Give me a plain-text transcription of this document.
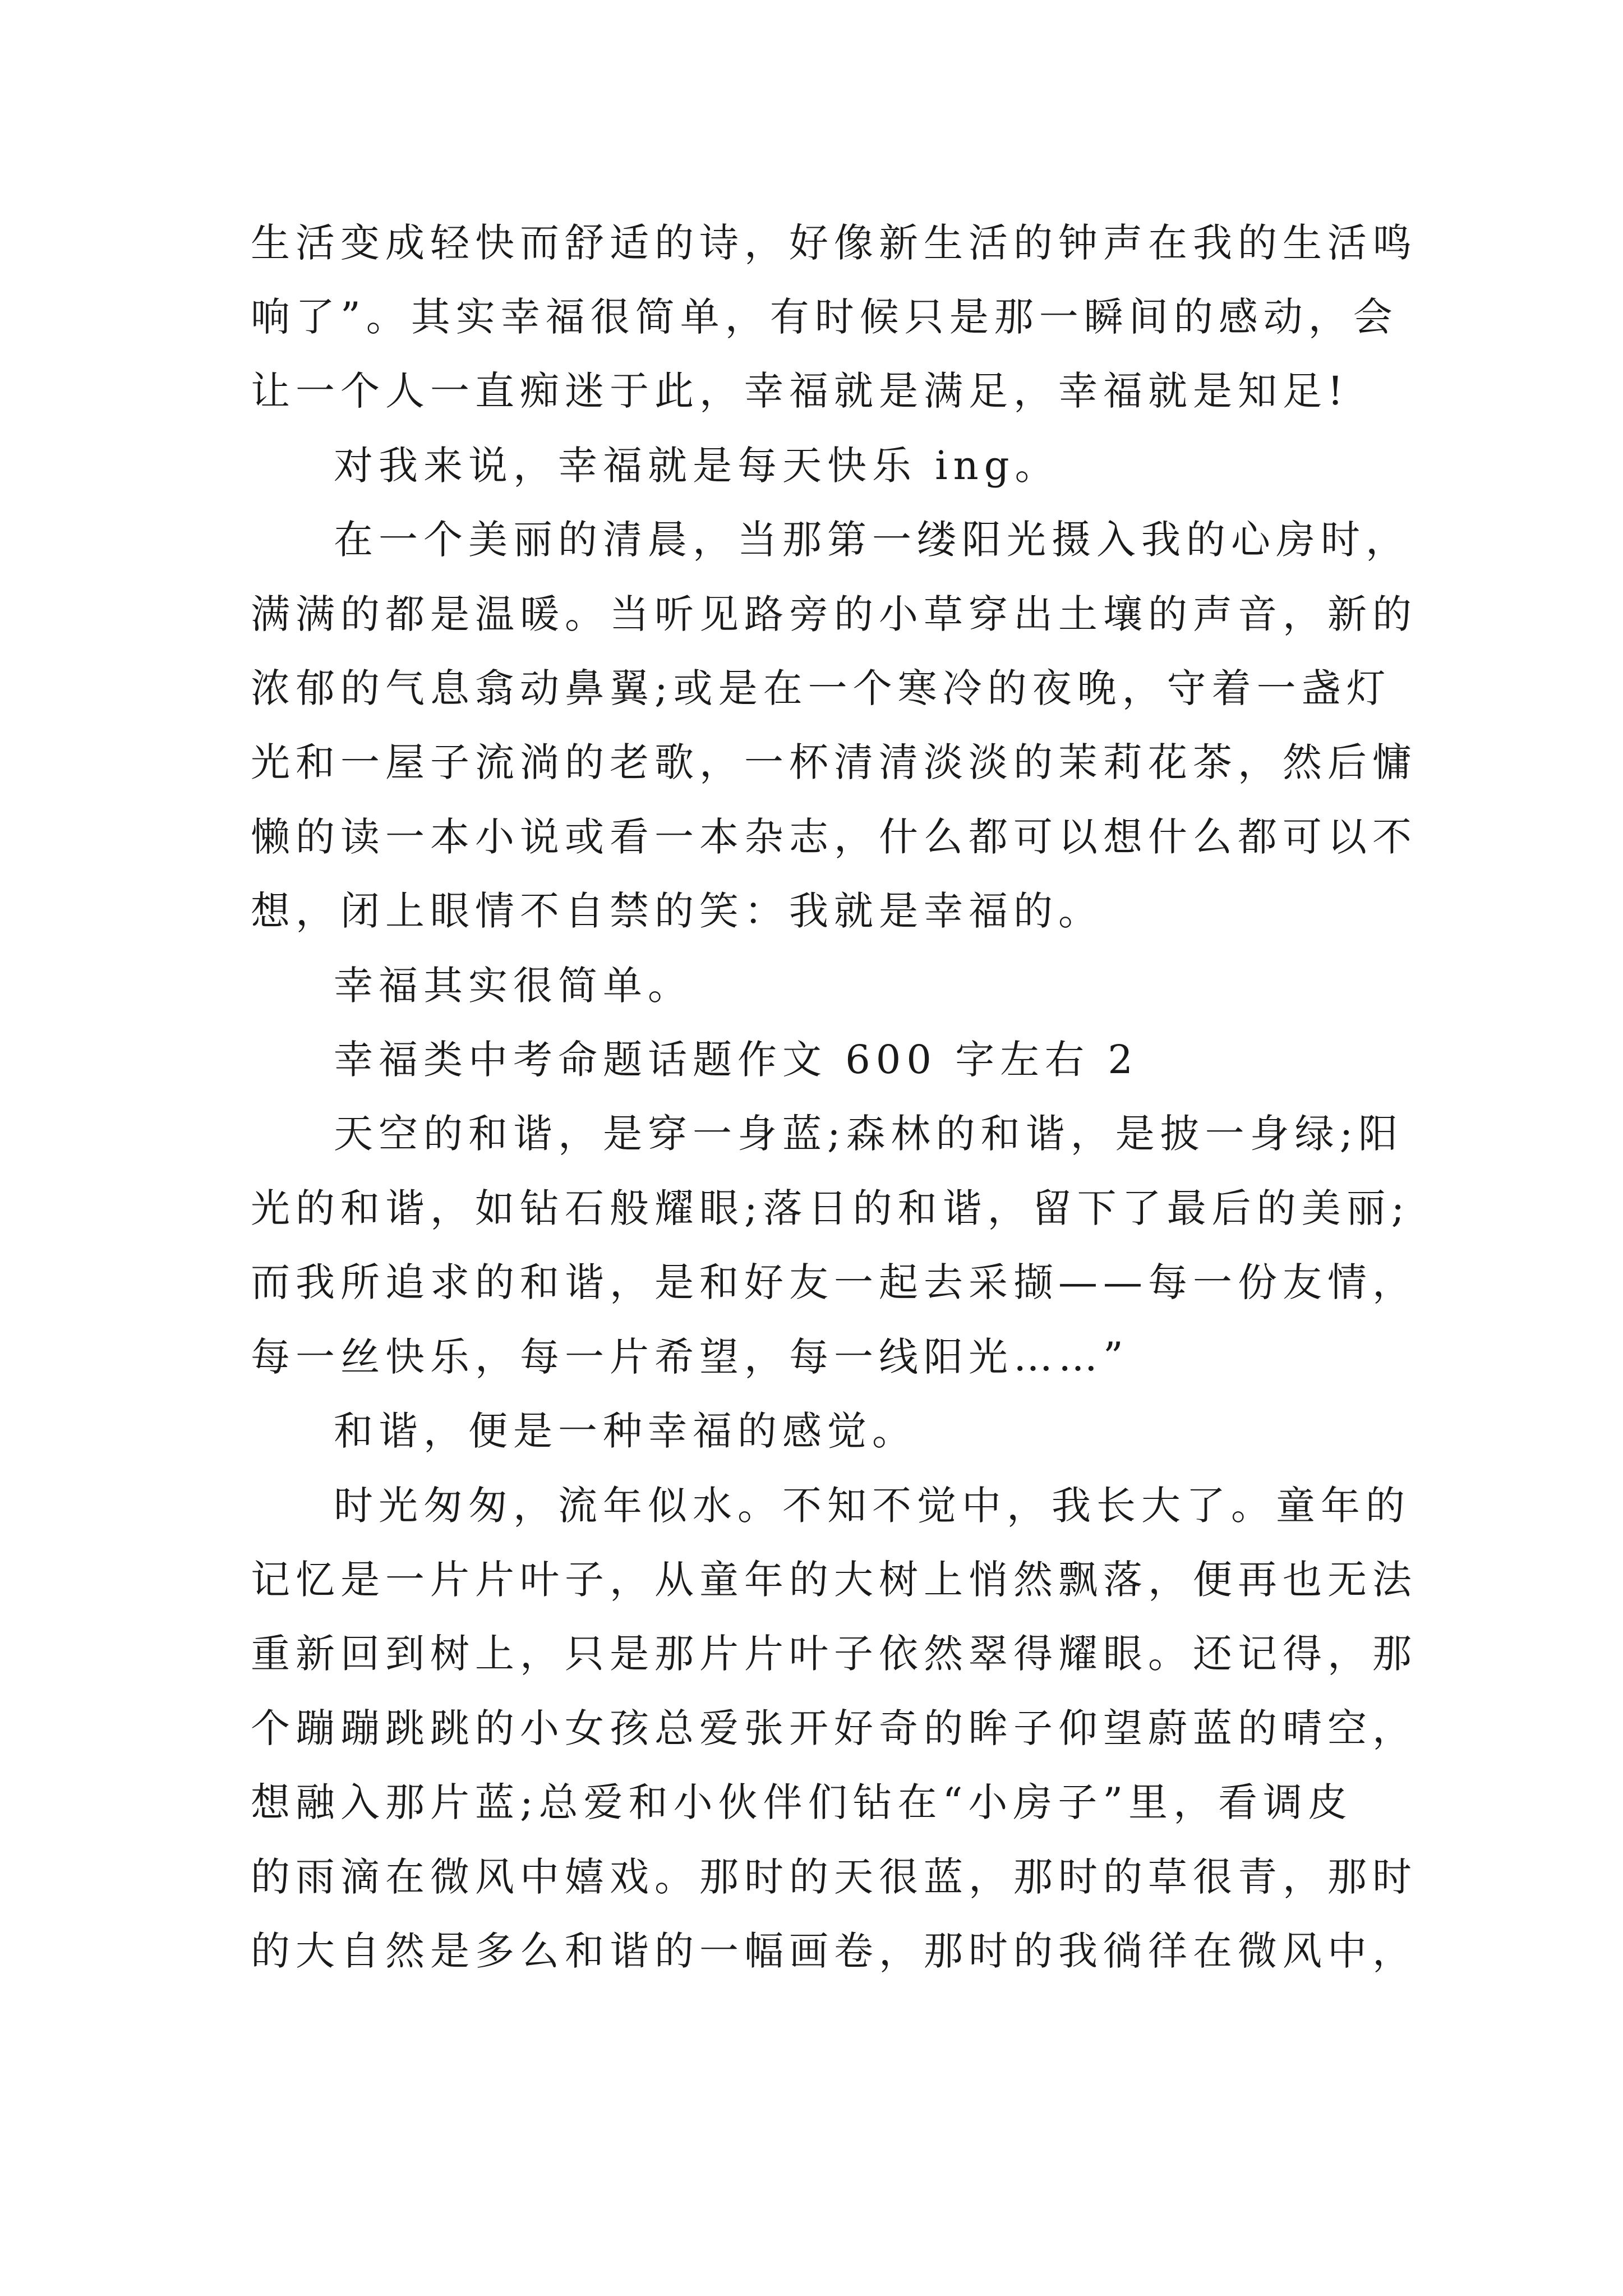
生活变成轻快而舒适的诗，好像新生活的钟声在我的生活鸣
响了”。其实幸福很简单，有时候只是那一瞬间的感动，会
让一个人一直痴迷于此，幸福就是满足，幸福就是知足!
对我来说，幸福就是每天快乐 ing。
在一个美丽的清晨，当那第一缕阳光摄入我的心房时，
满满的都是温暖。当听见路旁的小草穿出土壤的声音，新的
浓郁的气息翕动鼻翼;或是在一个寒冷的夜晚，守着一盏灯
光和一屋子流淌的老歌，一杯清清淡淡的茉莉花茶，然后慵
懒的读一本小说或看一本杂志，什么都可以想什么都可以不
想，闭上眼情不自禁的笑：我就是幸福的。
幸福其实很简单。
幸福类中考命题话题作文 600 字左右 2
天空的和谐，是穿一身蓝;森林的和谐，是披一身绿;阳
光的和谐，如钻石般耀眼;落日的和谐，留下了最后的美丽;
而我所追求的和谐，是和好友一起去采撷——每一份友情，
每一丝快乐，每一片希望，每一线阳光……”
和谐，便是一种幸福的感觉。
时光匆匆，流年似水。不知不觉中，我长大了。童年的
记忆是一片片叶子，从童年的大树上悄然飘落，便再也无法
重新回到树上，只是那片片叶子依然翠得耀眼。还记得，那
个蹦蹦跳跳的小女孩总爱张开好奇的眸子仰望蔚蓝的晴空，
想融入那片蓝;总爱和小伙伴们钻在“小房子”里，看调皮
的雨滴在微风中嬉戏。那时的天很蓝，那时的草很青，那时
的大自然是多么和谐的一幅画卷，那时的我徜徉在微风中，
